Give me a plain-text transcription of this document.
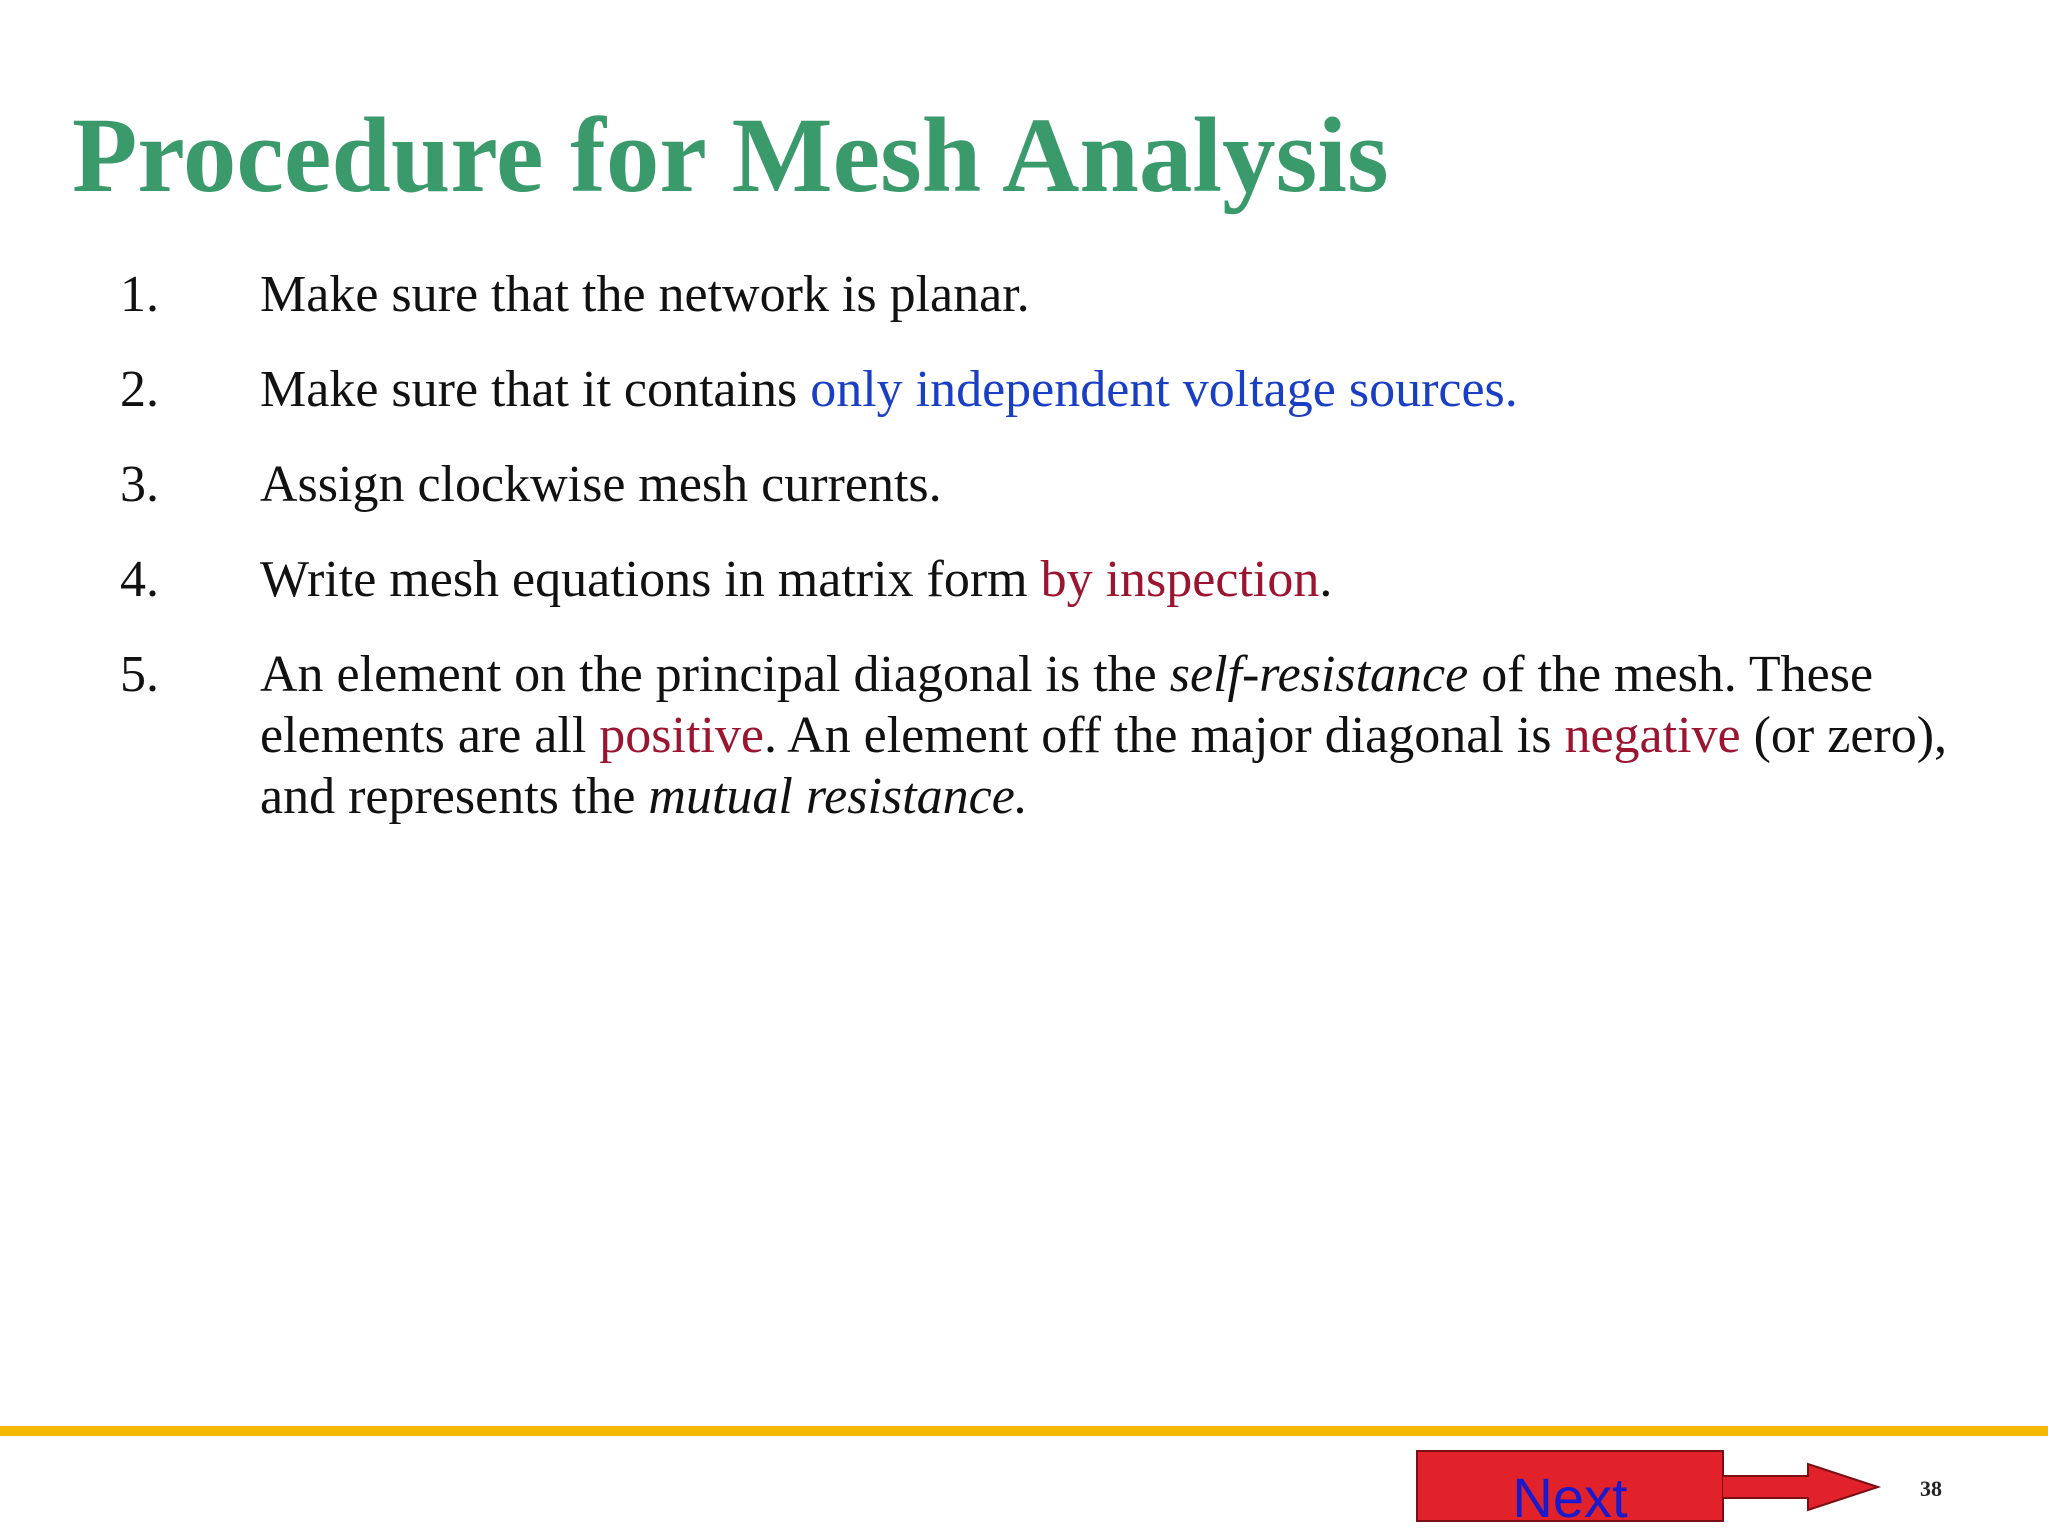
Procedure for Mesh Analysis
1. Make sure that the network is planar.
2. Make sure that it contains only independent voltage sources.
3. Assign clockwise mesh currents.
4. Write mesh equations in matrix form by inspection.
5. An element on the principal diagonal is the self-resistance of the mesh. These elements are all positive. An element off the major diagonal is negative (or zero), and represents the mutual resistance.
Next	38
